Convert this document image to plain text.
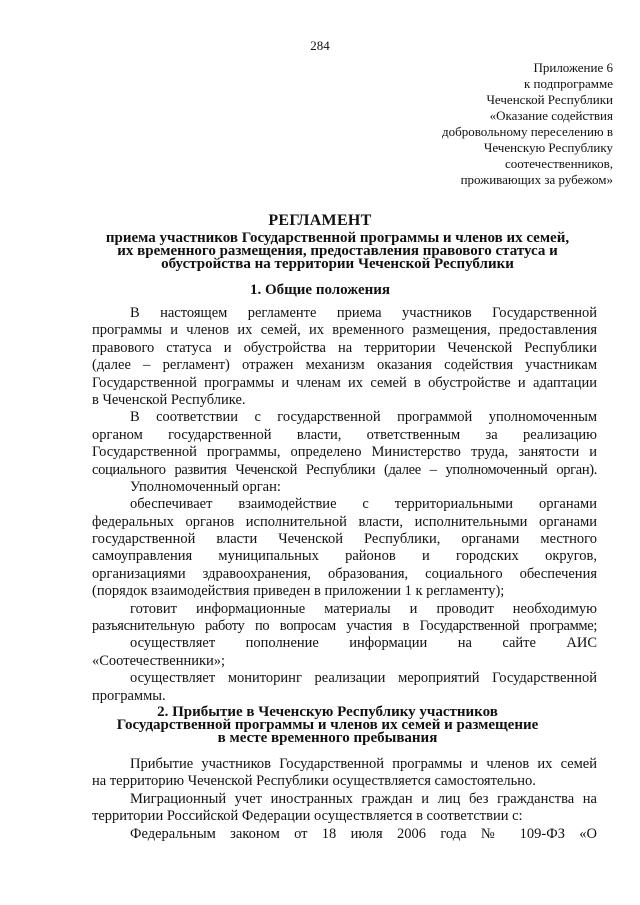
284
Приложение 6
к подпрограмме
Чеченской Республики
«Оказание содействия
добровольному переселению в
Чеченскую Республику
соотечественников,
проживающих за рубежом»
РЕГЛАМЕНТ
приема участников Государственной программы и членов их семей,
их временного размещения, предоставления правового статуса и
обустройства на территории Чеченской Республики
1. Общие положения
В настоящем регламенте приема участников Государственной
программы и членов их семей, их временного размещения, предоставления
правового статуса и обустройства на территории Чеченской Республики
(далее – регламент) отражен механизм оказания содействия участникам
Государственной программы и членам их семей в обустройстве и адаптации
в Чеченской Республике.
В соответствии с государственной программой уполномоченным
органом государственной власти, ответственным за реализацию
Государственной программы, определено Министерство труда, занятости и
социального развития Чеченской Республики (далее – уполномоченный орган).
Уполномоченный орган:
обеспечивает взаимодействие с территориальными органами
федеральных органов исполнительной власти, исполнительными органами
государственной власти Чеченской Республики, органами местного
самоуправления муниципальных районов и городских округов,
организациями здравоохранения, образования, социального обеспечения
(порядок взаимодействия приведен в приложении 1 к регламенту);
готовит информационные материалы и проводит необходимую
разъяснительную работу по вопросам участия в Государственной программе;
осуществляет пополнение информации на сайте АИС
«Соотечественники»;
осуществляет мониторинг реализации мероприятий Государственной
программы.
2. Прибытие в Чеченскую Республику участников
Государственной программы и членов их семей и размещение
в месте временного пребывания
Прибытие участников Государственной программы и членов их семей
на территорию Чеченской Республики осуществляется самостоятельно.
Миграционный учет иностранных граждан и лиц без гражданства на
территории Российской Федерации осуществляется в соответствии с:
Федеральным законом от 18 июля 2006 года № 109-ФЗ «О
